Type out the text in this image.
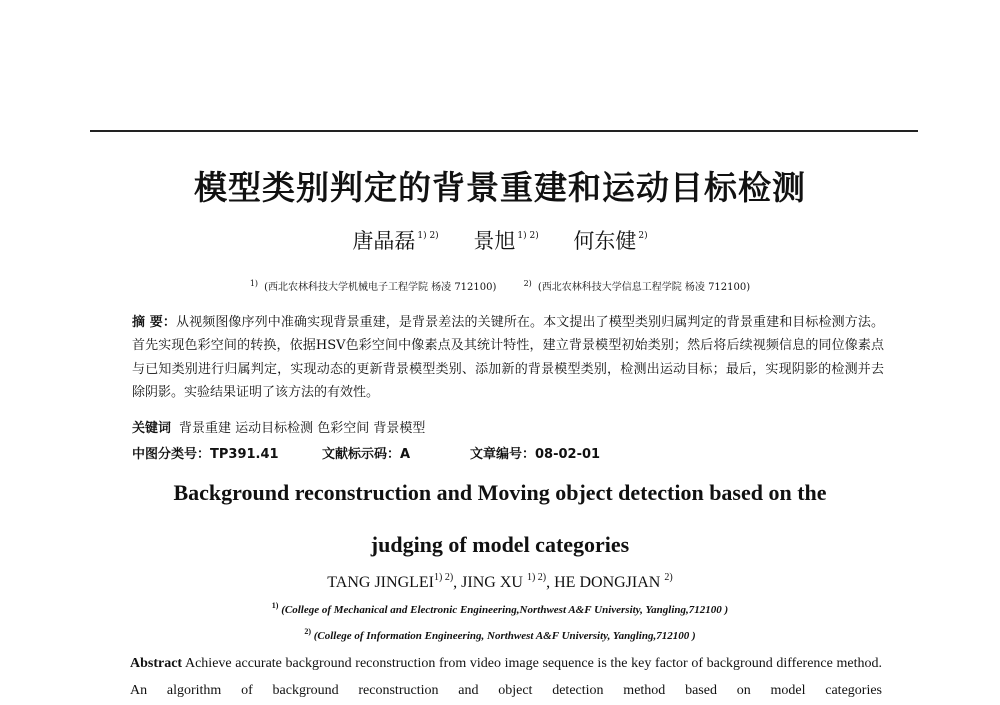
模型类别判定的背景重建和运动目标检测
唐晶磊 $^{1) 2)}$ 景旭 $^{1) 2)}$ 何东健 $^{2)}$
$^{1)}$ (西北农林科技大学机械电子工程学院 杨凌 712100)	$^{2)}$ (西北农林科技大学信息工程学院 杨凌 712100)
摘 要：从视频图像序列中准确实现背景重建，是背景差法的关键所在。本文提出了模型类别归属判定的背景重建和目标检测方法。首先实现色彩空间的转换，依据HSV色彩空间中像素点及其统计特性，建立背景模型初始类别；然后将后续视频信息的同位像素点与已知类别进行归属判定，实现动态的更新背景模型类别、添加新的背景模型类别，检测出运动目标；最后，实现阴影的检测并去除阴影。实验结果证明了该方法的有效性。
关键词 背景重建 运动目标检测 色彩空间 背景模型
中图分类号：TP391.41	文献标示码：A	文章编号：08-02-01
Background reconstruction and Moving object detection based on the
judging of model categories
TANG $JINGLEI^{1) 2)}$, JING XU $^{1) 2)}$, HE DONGJIAN $^{2)}$
$^{1)}$ (College of Mechanical and Electronic Engineering,Northwest A&F University, Yangling,712100 )
$^{2)}$ (College of Information Engineering, Northwest A&F University, Yangling,712100 )
Abstract Achieve accurate background reconstruction from video image sequence is the key factor of background difference method. An algorithm of background reconstruction and object detection method based on model categories
